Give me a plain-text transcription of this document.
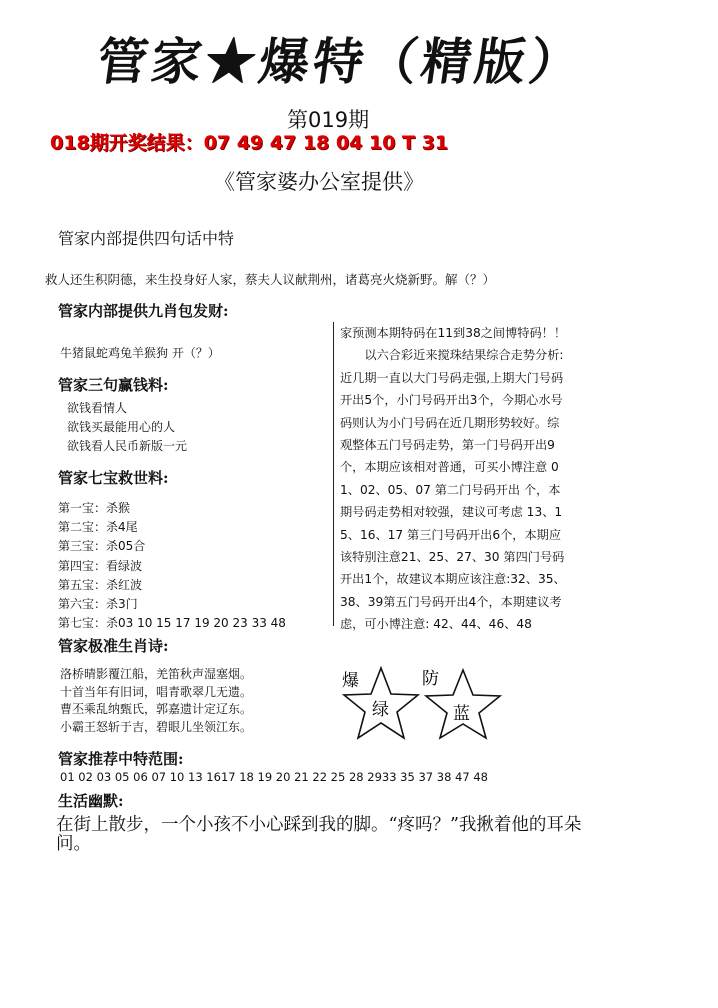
管家★爆特（精版）
第019期
018期开奖结果：07 49 47 18 04 10 T 31
《管家婆办公室提供》
管家内部提供四句话中特
救人还生积阴德，来生投身好人家，蔡夫人议献荆州，诸葛亮火烧新野。解（？）
管家内部提供九肖包发财:
牛猪鼠蛇鸡兔羊猴狗 开（？）
管家三句赢钱料:
欲钱看情人
欲钱买最能用心的人
欲钱看人民币新版一元
管家七宝救世料:
第一宝：杀猴
第二宝：杀4尾
第三宝：杀05合
第四宝：看绿波
第五宝：杀红波
第六宝：杀3门
第七宝：杀03 10 15 17 19 20 23 33 48
管家极准生肖诗:
洛桥晴影覆江船，羌笛秋声湿塞烟。
十首当年有旧词，唱青歌翠几无遗。
曹丕乘乱纳甄氏，郭嘉遗计定辽东。
小霸王怒斩于吉，碧眼儿坐领江东。
管家推荐中特范围:
01 02 03 05 06 07 10 13 1617 18 19 20 21 22 25 28 2933 35 37 38 47 48
生活幽默:
在街上散步，一个小孩不小心踩到我的脚。“疼吗？”我揪着他的耳朵问。

家预测本期特码在11到38之间博特码！！

以六合彩近来搅珠结果综合走势分析:近几期一直以大门号码走强,上期大门号码开出5个，小门号码开出3个，今期心水号码则认为小门号码在近几期形势较好。综观整体五门号码走势，第一门号码开出9个，本期应该相对普通，可买小博注意 01、02、05、07 第二门号码开出 个，本期号码走势相对较强，建议可考虑 13、15、16、17 第三门号码开出6个，本期应该特别注意21、25、27、30 第四门号码开出1个，故建议本期应该注意:32、35、38、39第五门号码开出4个，本期建议考虑，可小博注意: 42、44、46、48

爆	防
绿	蓝
